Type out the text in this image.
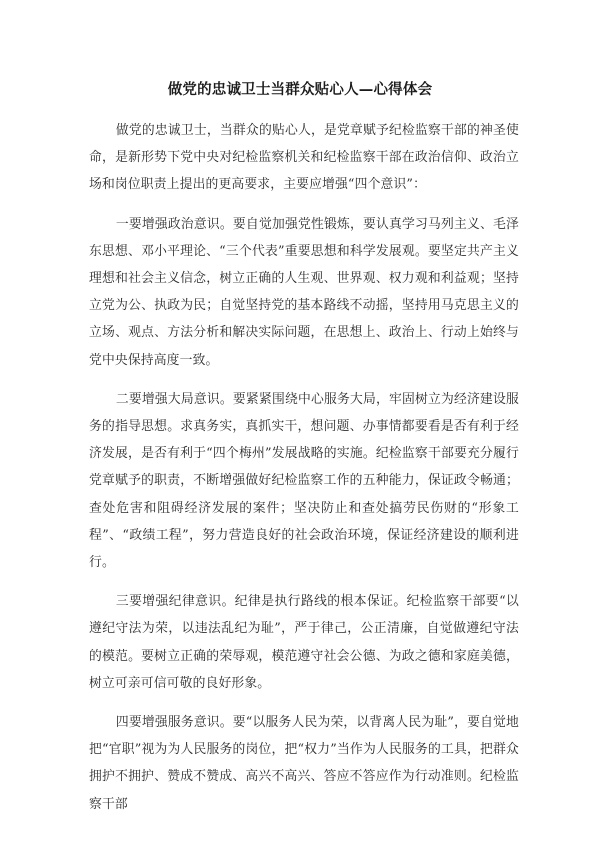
做党的忠诚卫士当群众贴心人—心得体会

做党的忠诚卫士，当群众的贴心人，是党章赋予纪检监察干部的神圣使命，是新形势下党中央对纪检监察机关和纪检监察干部在政治信仰、政治立场和岗位职责上提出的更高要求，主要应增强“四个意识”：

一要增强政治意识。要自觉加强党性锻炼，要认真学习马列主义、毛泽东思想、邓小平理论、“三个代表”重要思想和科学发展观。要坚定共产主义理想和社会主义信念，树立正确的人生观、世界观、权力观和利益观；坚持立党为公、执政为民；自觉坚持党的基本路线不动摇，坚持用马克思主义的立场、观点、方法分析和解决实际问题，在思想上、政治上、行动上始终与党中央保持高度一致。

二要增强大局意识。要紧紧围绕中心服务大局，牢固树立为经济建设服务的指导思想。求真务实，真抓实干，想问题、办事情都要看是否有利于经济发展，是否有利于“四个梅州”发展战略的实施。纪检监察干部要充分履行党章赋予的职责，不断增强做好纪检监察工作的五种能力，保证政令畅通；查处危害和阻碍经济发展的案件；坚决防止和查处搞劳民伤财的“形象工程”、“政绩工程”，努力营造良好的社会政治环境，保证经济建设的顺利进行。

三要增强纪律意识。纪律是执行路线的根本保证。纪检监察干部要“以遵纪守法为荣，以违法乱纪为耻”，严于律己，公正清廉，自觉做遵纪守法的模范。要树立正确的荣辱观，模范遵守社会公德、为政之德和家庭美德，树立可亲可信可敬的良好形象。

四要增强服务意识。要“以服务人民为荣，以背离人民为耻”，要自觉地把“官职”视为为人民服务的岗位，把“权力”当作为人民服务的工具，把群众拥护不拥护、赞成不赞成、高兴不高兴、答应不答应作为行动准则。纪检监察干部
